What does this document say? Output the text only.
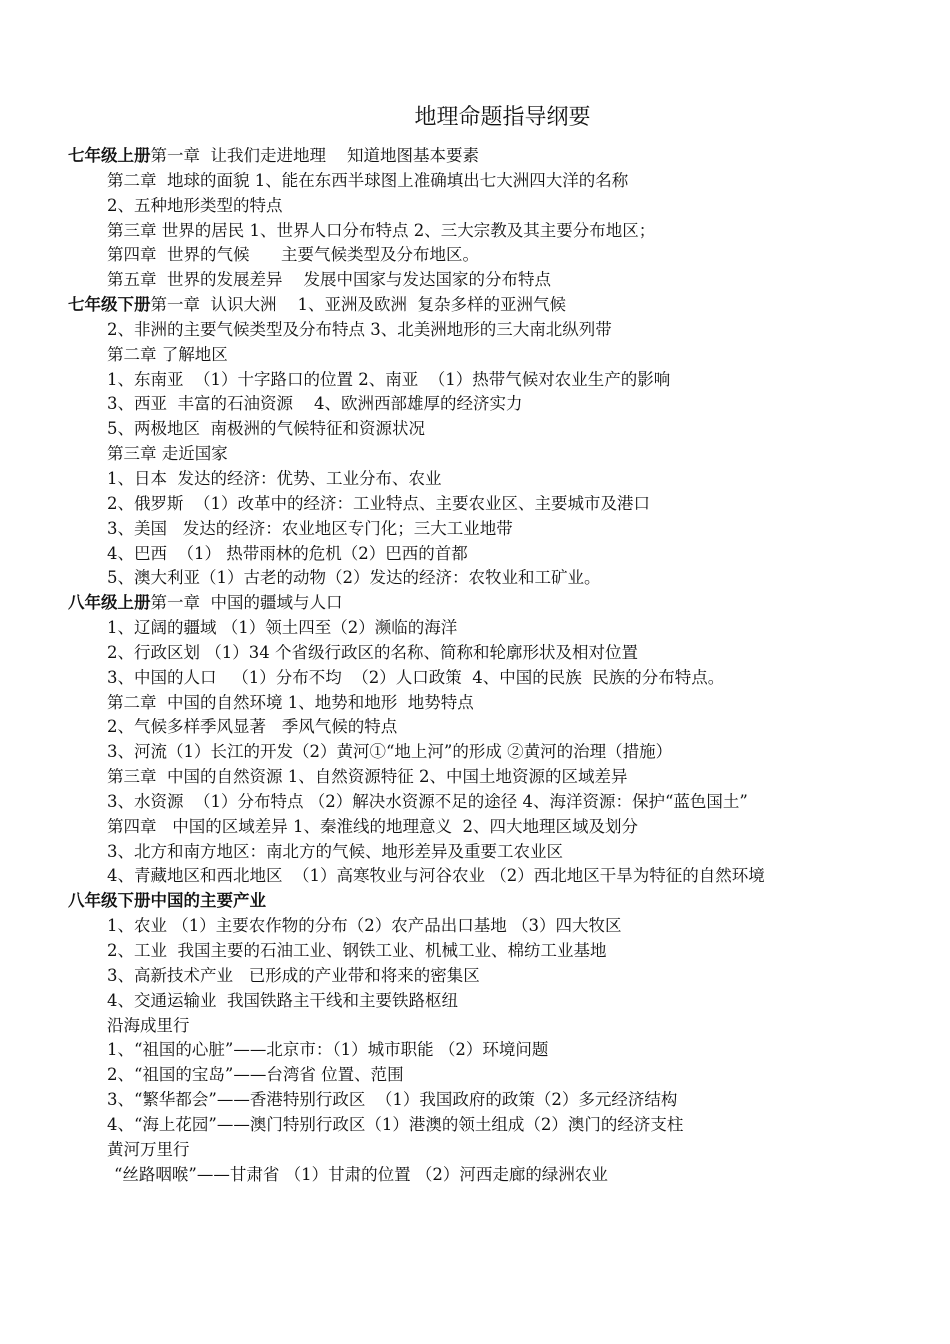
地理命题指导纲要
七年级上册第一章  让我们走进地理    知道地图基本要素
第二章  地球的面貌 1、能在东西半球图上准确填出七大洲四大洋的名称
2、五种地形类型的特点
第三章 世界的居民 1、世界人口分布特点 2、三大宗教及其主要分布地区；
第四章  世界的气候      主要气候类型及分布地区。
第五章  世界的发展差异    发展中国家与发达国家的分布特点
七年级下册第一章  认识大洲    1、亚洲及欧洲  复杂多样的亚洲气候
2、非洲的主要气候类型及分布特点 3、北美洲地形的三大南北纵列带
第二章 了解地区
1、东南亚  （1）十字路口的位置 2、南亚  （1）热带气候对农业生产的影响
3、西亚  丰富的石油资源    4、欧洲西部雄厚的经济实力
5、两极地区  南极洲的气候特征和资源状况
第三章 走近国家
1、日本  发达的经济：优势、工业分布、农业
2、俄罗斯  （1）改革中的经济：工业特点、主要农业区、主要城市及港口
3、美国   发达的经济：农业地区专门化；三大工业地带
4、巴西  （1） 热带雨林的危机（2）巴西的首都
5、澳大利亚（1）古老的动物（2）发达的经济：农牧业和工矿业。
八年级上册第一章  中国的疆域与人口
1、辽阔的疆域 （1）领土四至（2）濒临的海洋
2、行政区划 （1）34 个省级行政区的名称、简称和轮廓形状及相对位置
3、中国的人口   （1）分布不均  （2）人口政策  4、中国的民族  民族的分布特点。
第二章  中国的自然环境 1、地势和地形  地势特点
2、气候多样季风显著   季风气候的特点
3、河流（1）长江的开发（2）黄河①“地上河”的形成 ②黄河的治理（措施）
第三章  中国的自然资源 1、自然资源特征 2、中国土地资源的区域差异
3、水资源  （1）分布特点 （2）解决水资源不足的途径 4、海洋资源：保护“蓝色国土”
第四章   中国的区域差异 1、秦淮线的地理意义  2、四大地理区域及划分
3、北方和南方地区：南北方的气候、地形差异及重要工农业区
4、青藏地区和西北地区  （1）高寒牧业与河谷农业 （2）西北地区干旱为特征的自然环境
八年级下册中国的主要产业
1、农业 （1）主要农作物的分布（2）农产品出口基地 （3）四大牧区
2、工业  我国主要的石油工业、钢铁工业、机械工业、棉纺工业基地
3、高新技术产业   已形成的产业带和将来的密集区
4、交通运输业  我国铁路主干线和主要铁路枢纽
沿海成里行
1、“祖国的心脏”——北京市：（1）城市职能 （2）环境问题
2、“祖国的宝岛”——台湾省 位置、范围
3、“繁华都会”——香港特别行政区  （1）我国政府的政策（2）多元经济结构
4、“海上花园”——澳门特别行政区（1）港澳的领土组成（2）澳门的经济支柱
黄河万里行
“丝路咽喉”——甘肃省 （1）甘肃的位置 （2）河西走廊的绿洲农业
